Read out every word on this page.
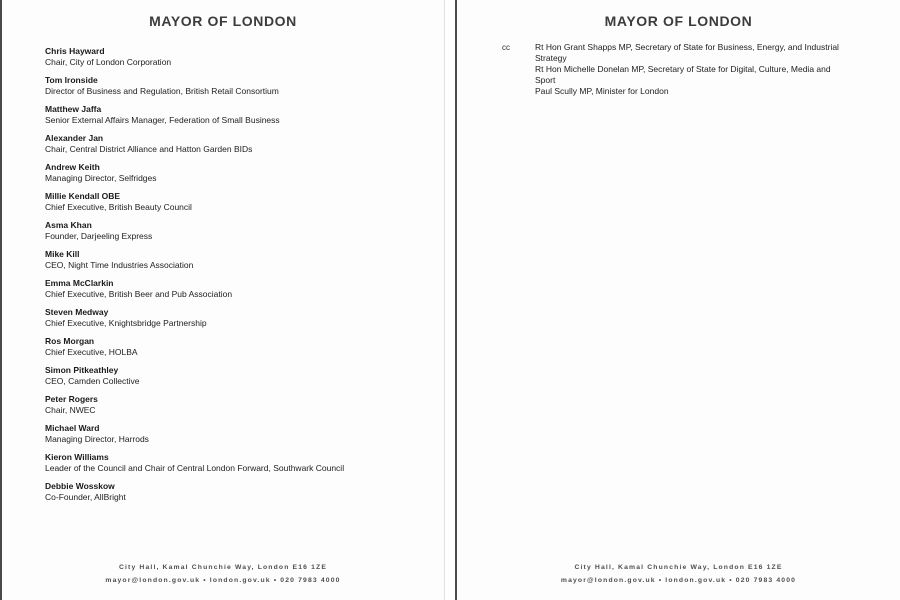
MAYOR OF LONDON
Chris Hayward
Chair, City of London Corporation
Tom Ironside
Director of Business and Regulation, British Retail Consortium
Matthew Jaffa
Senior External Affairs Manager, Federation of Small Business
Alexander Jan
Chair, Central District Alliance and Hatton Garden BIDs
Andrew Keith
Managing Director, Selfridges
Millie Kendall OBE
Chief Executive, British Beauty Council
Asma Khan
Founder, Darjeeling Express
Mike Kill
CEO, Night Time Industries Association
Emma McClarkin
Chief Executive, British Beer and Pub Association
Steven Medway
Chief Executive, Knightsbridge Partnership
Ros Morgan
Chief Executive, HOLBA
Simon Pitkeathley
CEO, Camden Collective
Peter Rogers
Chair, NWEC
Michael Ward
Managing Director, Harrods
Kieron Williams
Leader of the Council and Chair of Central London Forward, Southwark Council
Debbie Wosskow
Co-Founder, AllBright
City Hall, Kamal Chunchie Way, London E16 1ZE
mayor@london.gov.uk • london.gov.uk • 020 7983 4000
MAYOR OF LONDON
cc	Rt Hon Grant Shapps MP, Secretary of State for Business, Energy, and Industrial
Strategy
Rt Hon Michelle Donelan MP, Secretary of State for Digital, Culture, Media and
Sport
Paul Scully MP, Minister for London
City Hall, Kamal Chunchie Way, London E16 1ZE
mayor@london.gov.uk • london.gov.uk • 020 7983 4000
